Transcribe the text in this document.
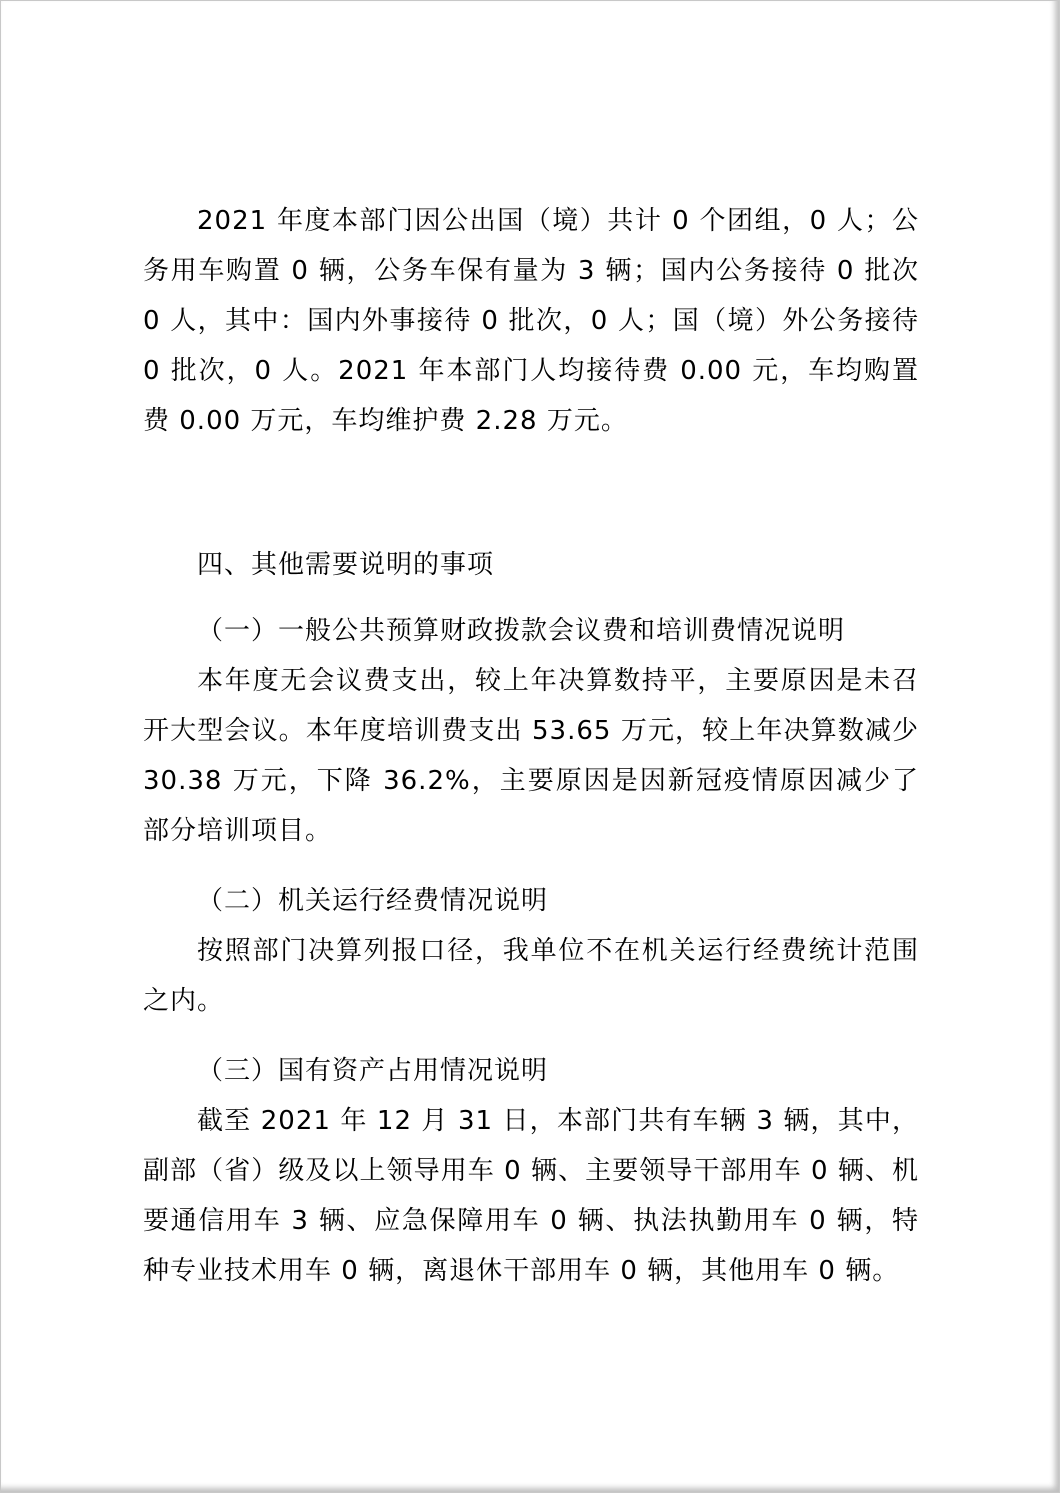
2021 年度本部门因公出国（境）共计 0 个团组，0 人；公务用车购置 0 辆，公务车保有量为 3 辆；国内公务接待 0 批次 0 人，其中：国内外事接待 0 批次，0 人；国（境）外公务接待 0 批次，0 人。2021 年本部门人均接待费 0.00 元，车均购置费 0.00 万元，车均维护费 2.28 万元。

四、其他需要说明的事项

（一）一般公共预算财政拨款会议费和培训费情况说明

本年度无会议费支出，较上年决算数持平，主要原因是未召开大型会议。本年度培训费支出 53.65 万元，较上年决算数减少 30.38 万元，下降 36.2%，主要原因是因新冠疫情原因减少了部分培训项目。

（二）机关运行经费情况说明

按照部门决算列报口径，我单位不在机关运行经费统计范围之内。

（三）国有资产占用情况说明

截至 2021 年 12 月 31 日，本部门共有车辆 3 辆，其中，副部（省）级及以上领导用车 0 辆、主要领导干部用车 0 辆、机要通信用车 3 辆、应急保障用车 0 辆、执法执勤用车 0 辆，特种专业技术用车 0 辆，离退休干部用车 0 辆，其他用车 0 辆。
